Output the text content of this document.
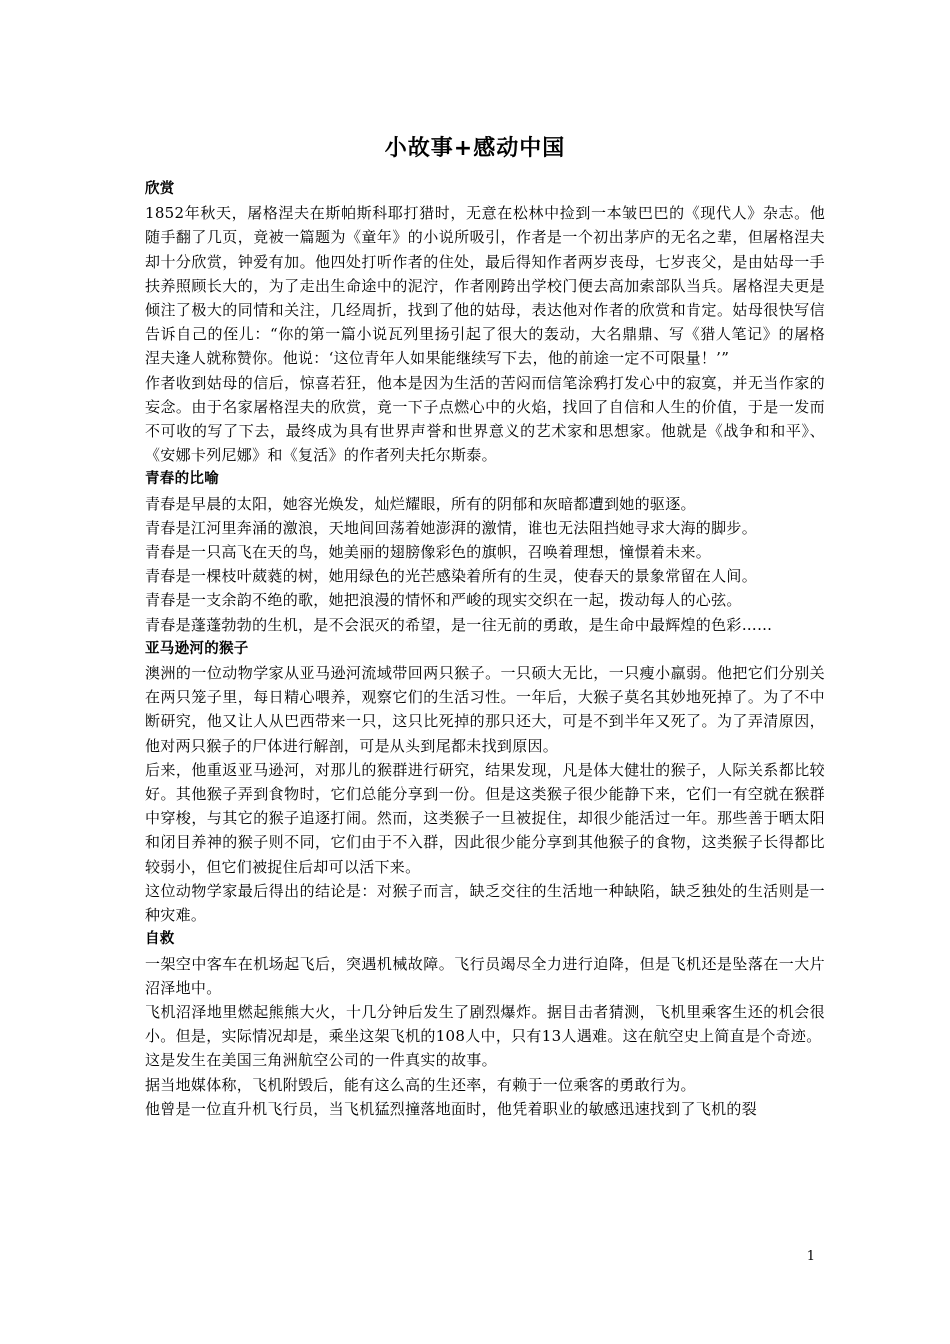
小故事+感动中国
欣赏

1852年秋天，屠格涅夫在斯帕斯科耶打猎时，无意在松林中捡到一本皱巴巴的《现代人》杂志。他随手翻了几页，竟被一篇题为《童年》的小说所吸引，作者是一个初出茅庐的无名之辈，但屠格涅夫却十分欣赏，钟爱有加。他四处打听作者的住处，最后得知作者两岁丧母，七岁丧父，是由姑母一手扶养照顾长大的，为了走出生命途中的泥泞，作者刚跨出学校门便去高加索部队当兵。屠格涅夫更是倾注了极大的同情和关注，几经周折，找到了他的姑母，表达他对作者的欣赏和肯定。姑母很快写信告诉自己的侄儿：“你的第一篇小说瓦列里扬引起了很大的轰动，大名鼎鼎、写《猎人笔记》的屠格涅夫逢人就称赞你。他说：‘这位青年人如果能继续写下去，他的前途一定不可限量！’”

作者收到姑母的信后，惊喜若狂，他本是因为生活的苦闷而信笔涂鸦打发心中的寂寞，并无当作家的妄念。由于名家屠格涅夫的欣赏，竟一下子点燃心中的火焰，找回了自信和人生的价值，于是一发而不可收的写了下去，最终成为具有世界声誉和世界意义的艺术家和思想家。他就是《战争和和平》、《安娜卡列尼娜》和《复活》的作者列夫托尔斯泰。

青春的比喻

青春是早晨的太阳，她容光焕发，灿烂耀眼，所有的阴郁和灰暗都遭到她的驱逐。

青春是江河里奔涌的激浪，天地间回荡着她澎湃的激情，谁也无法阻挡她寻求大海的脚步。

青春是一只高飞在天的鸟，她美丽的翅膀像彩色的旗帜，召唤着理想，憧憬着未来。

青春是一棵枝叶葳蕤的树，她用绿色的光芒感染着所有的生灵，使春天的景象常留在人间。

青春是一支余韵不绝的歌，她把浪漫的情怀和严峻的现实交织在一起，拨动每人的心弦。

青春是蓬蓬勃勃的生机，是不会泯灭的希望，是一往无前的勇敢，是生命中最辉煌的色彩……

亚马逊河的猴子

澳洲的一位动物学家从亚马逊河流域带回两只猴子。一只硕大无比，一只瘦小羸弱。他把它们分别关在两只笼子里，每日精心喂养，观察它们的生活习性。一年后，大猴子莫名其妙地死掉了。为了不中断研究，他又让人从巴西带来一只，这只比死掉的那只还大，可是不到半年又死了。为了弄清原因，他对两只猴子的尸体进行解剖，可是从头到尾都未找到原因。

后来，他重返亚马逊河，对那儿的猴群进行研究，结果发现，凡是体大健壮的猴子，人际关系都比较好。其他猴子弄到食物时，它们总能分享到一份。但是这类猴子很少能静下来，它们一有空就在猴群中穿梭，与其它的猴子追逐打闹。然而，这类猴子一旦被捉住，却很少能活过一年。那些善于晒太阳和闭目养神的猴子则不同，它们由于不入群，因此很少能分享到其他猴子的食物，这类猴子长得都比较弱小，但它们被捉住后却可以活下来。

这位动物学家最后得出的结论是：对猴子而言，缺乏交往的生活地一种缺陷，缺乏独处的生活则是一种灾难。

自救

一架空中客车在机场起飞后，突遇机械故障。飞行员竭尽全力进行迫降，但是飞机还是坠落在一大片沼泽地中。

飞机沼泽地里燃起熊熊大火，十几分钟后发生了剧烈爆炸。据目击者猜测，飞机里乘客生还的机会很小。但是，实际情况却是，乘坐这架飞机的108人中，只有13人遇难。这在航空史上简直是个奇迹。

这是发生在美国三角洲航空公司的一件真实的故事。

据当地媒体称，飞机附毁后，能有这么高的生还率，有赖于一位乘客的勇敢行为。

他曾是一位直升机飞行员，当飞机猛烈撞落地面时，他凭着职业的敏感迅速找到了飞机的裂

1
